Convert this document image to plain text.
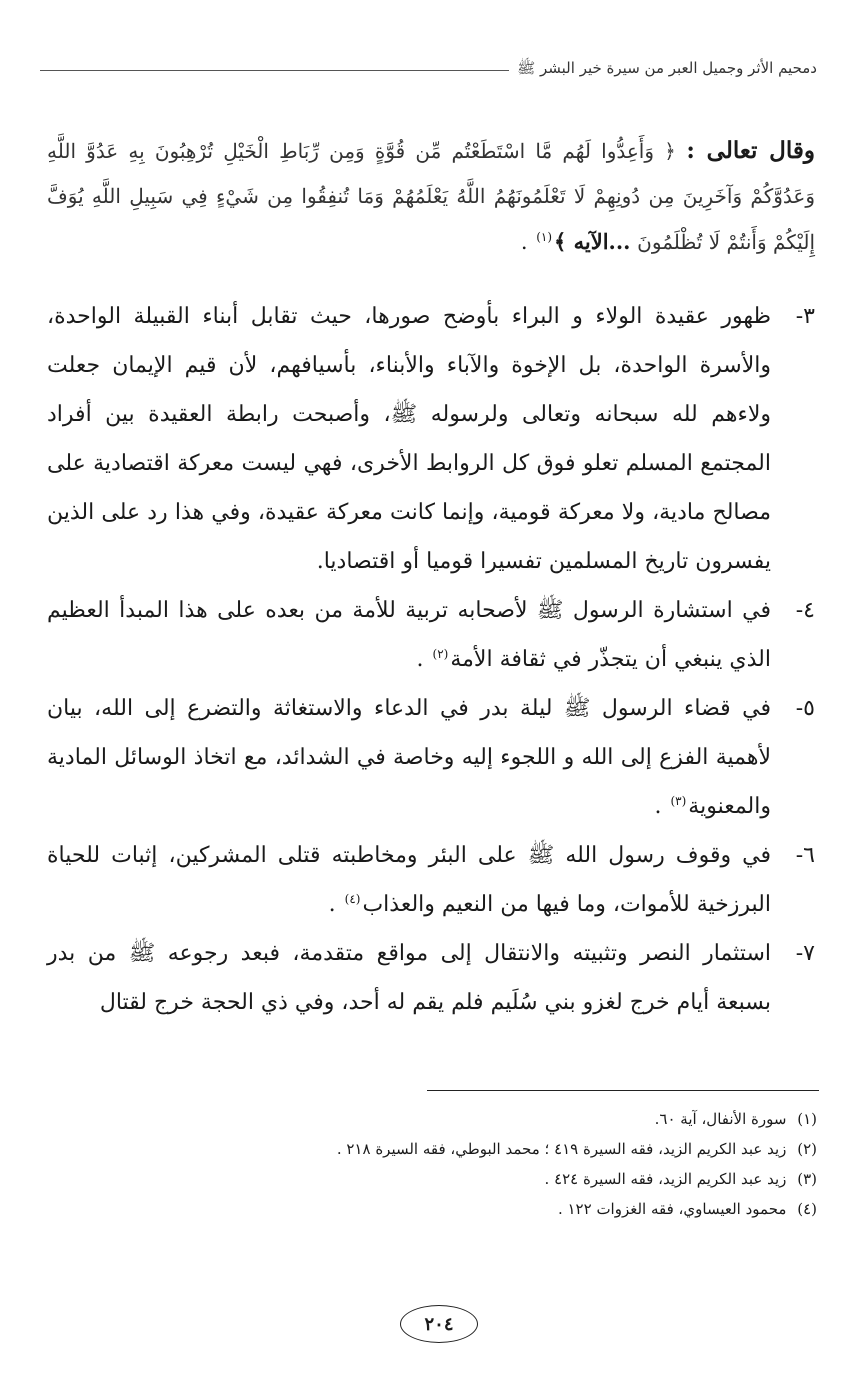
دمحيم الأثر وجميل العبر من سيرة خير البشر ﷺ
وقال تعالى : ﴿ وَأَعِدُّوا لَهُم مَّا اسْتَطَعْتُم مِّن قُوَّةٍ وَمِن رِّبَاطِ الْخَيْلِ تُرْهِبُونَ بِهِ عَدُوَّ اللَّهِ وَعَدُوَّكُمْ وَآخَرِينَ مِن دُونِهِمْ لَا تَعْلَمُونَهُمُ اللَّهُ يَعْلَمُهُمْ وَمَا تُنفِقُوا مِن شَيْءٍ فِي سَبِيلِ اللَّهِ يُوَفَّ إِلَيْكُمْ وَأَنتُمْ لَا تُظْلَمُونَ ...الآيه ﴾$^{(١)}$ .
٣-
ظهور عقيدة الولاء و البراء بأوضح صورها، حيث تقابل أبناء القبيلة الواحدة، والأسرة الواحدة، بل الإخوة والآباء والأبناء، بأسيافهم، لأن قيم الإيمان جعلت ولاءهم لله سبحانه وتعالى ولرسوله ﷺ، وأصبحت رابطة العقيدة بين أفراد المجتمع المسلم تعلو فوق كل الروابط الأخرى، فهي ليست معركة اقتصادية على مصالح مادية، ولا معركة قومية، وإنما كانت معركة عقيدة، وفي هذا رد على الذين يفسرون تاريخ المسلمين تفسيرا قوميا أو اقتصاديا.
٤-
في استشارة الرسول ﷺ لأصحابه تربية للأمة من بعده على هذا المبدأ العظيم الذي ينبغي أن يتجذّر في ثقافة الأمة$^{(٢)}$ .
٥-
في قضاء الرسول ﷺ ليلة بدر في الدعاء والاستغاثة والتضرع إلى الله، بيان لأهمية الفزع إلى الله و اللجوء إليه وخاصة في الشدائد، مع اتخاذ الوسائل المادية والمعنوية$^{(٣)}$ .
٦-
في وقوف رسول الله ﷺ على البئر ومخاطبته قتلى المشركين، إثبات للحياة البرزخية للأموات، وما فيها من النعيم والعذاب$^{(٤)}$ .
٧-
استثمار النصر وتثبيته والانتقال إلى مواقع متقدمة، فبعد رجوعه ﷺ من بدر بسبعة أيام خرج لغزو بني سُلَيم فلم يقم له أحد، وفي ذي الحجة خرج لقتال
(١) سورة الأنفال، آية ٦٠.
(٢) زيد عبد الكريم الزيد، فقه السيرة ٤١٩ ؛ محمد البوطي، فقه السيرة ٢١٨ .
(٣) زيد عبد الكريم الزيد، فقه السيرة ٤٢٤ .
(٤) محمود العيساوي، فقه الغزوات ١٢٢ .
٢٠٤
